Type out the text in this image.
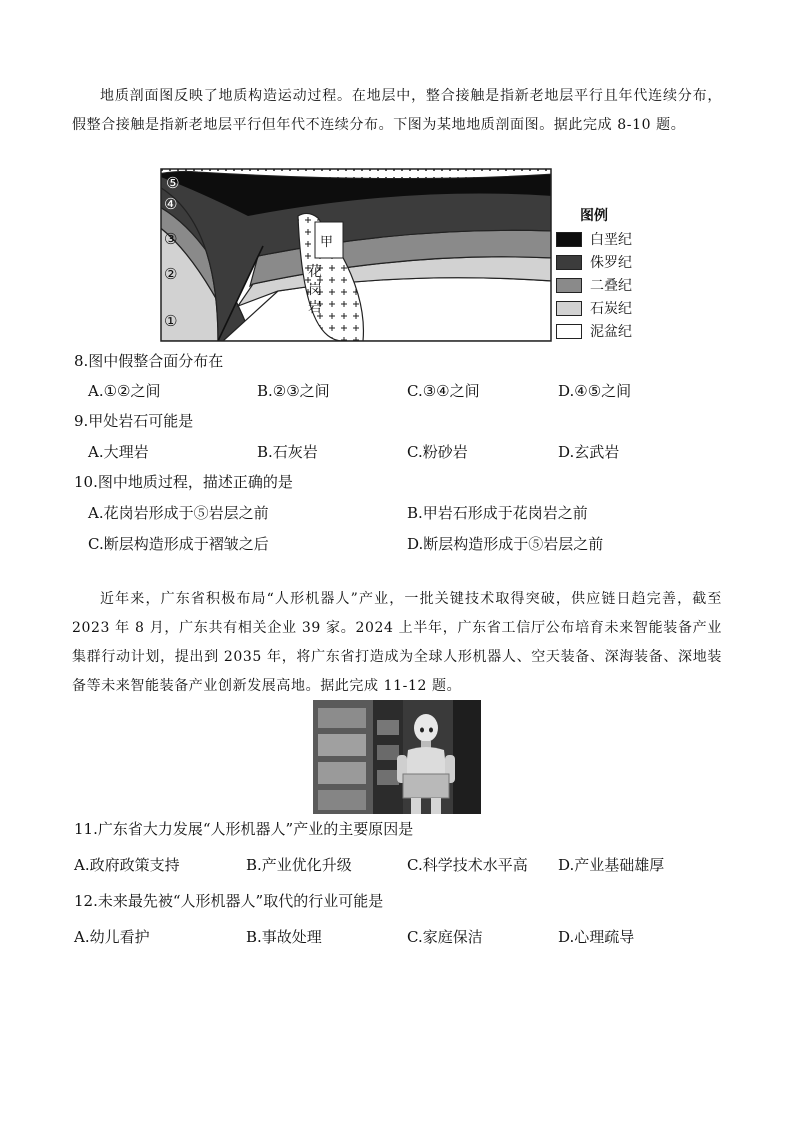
地质剖面图反映了地质构造运动过程。在地层中，整合接触是指新老地层平行且年代连续分布，假整合接触是指新老地层平行但年代不连续分布。下图为某地地质剖面图。据此完成 8-10 题。
⑤
④
③
②
①
甲
花
岗
岩
图例
白垩纪
侏罗纪
二叠纪
石炭纪
泥盆纪
8.图中假整合面分布在
A.①②之间	B.②③之间	C.③④之间	D.④⑤之间
9.甲处岩石可能是
A.大理岩	B.石灰岩	C.粉砂岩	D.玄武岩
10.图中地质过程，描述正确的是
A.花岗岩形成于⑤岩层之前	B.甲岩石形成于花岗岩之前
C.断层构造形成于褶皱之后	D.断层构造形成于⑤岩层之前
近年来，广东省积极布局“人形机器人”产业，一批关键技术取得突破，供应链日趋完善，截至 2023 年 8 月，广东共有相关企业 39 家。2024 上半年，广东省工信厅公布培育未来智能装备产业集群行动计划，提出到 2035 年，将广东省打造成为全球人形机器人、空天装备、深海装备、深地装备等未来智能装备产业创新发展高地。据此完成 11-12 题。
11.广东省大力发展“人形机器人”产业的主要原因是
A.政府政策支持	B.产业优化升级	C.科学技术水平高 D.产业基础雄厚
12.未来最先被“人形机器人”取代的行业可能是
A.幼儿看护	B.事故处理	C.家庭保洁	D.心理疏导
